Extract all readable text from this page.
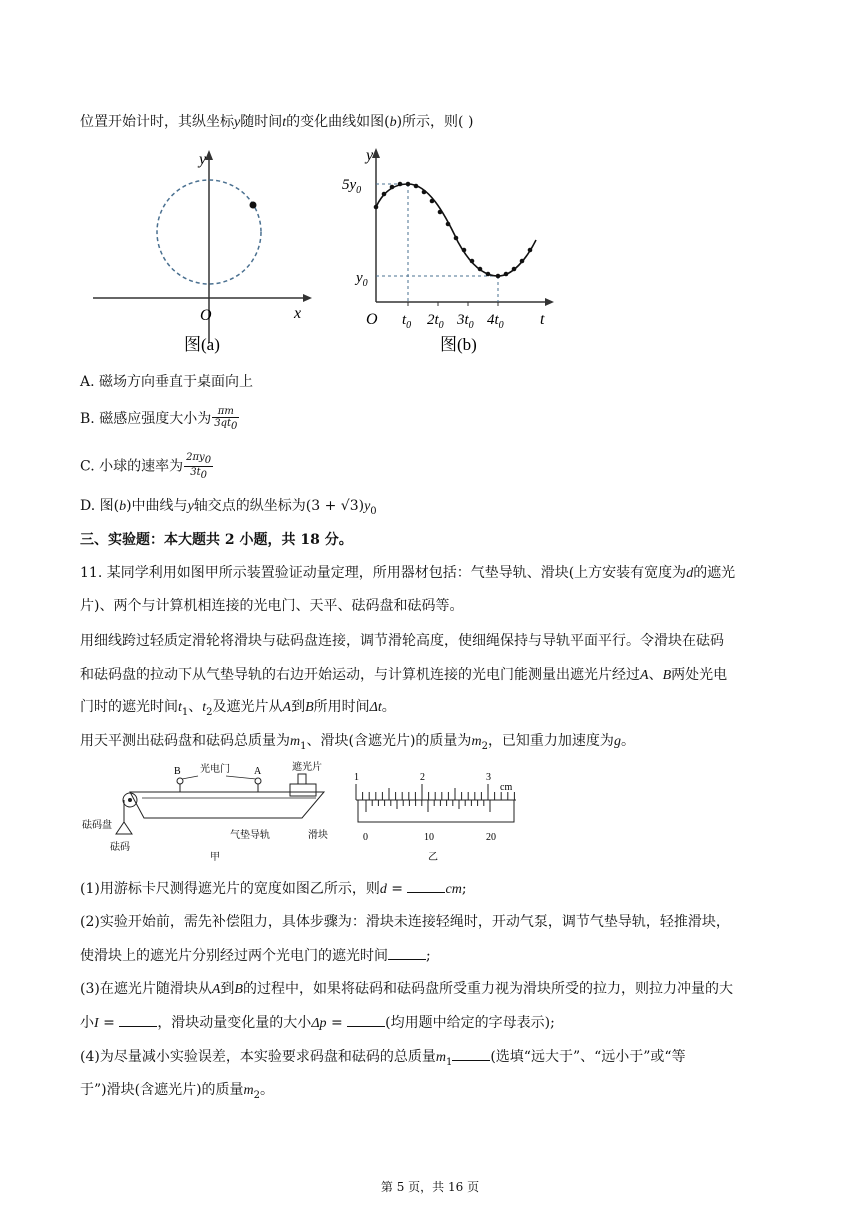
位置开始计时，其纵坐标y随时间t的变化曲线如图(b)所示，则( )
y
x
O
图(a)
y
$5y_0$
$y_0$
O $t_0$ $2t_0$ $3t_0$ $4t_0$ t
图(b)
A. 磁场方向垂直于桌面向上
B. 磁感应强度大小为 $\frac{\pi m}{3qt_0}$
C. 小球的速率为 $\frac{2\pi y_0}{3t_0}$
D. 图(b)中曲线与y轴交点的纵坐标为$(3 + √3)y_0$
三、实验题：本大题共 2 小题，共 18 分。
11. 某同学利用如图甲所示装置验证动量定理，所用器材包括：气垫导轨、滑块(上方安装有宽度为d的遮光
片)、两个与计算机相连接的光电门、天平、砝码盘和砝码等。
用细线跨过轻质定滑轮将滑块与砝码盘连接，调节滑轮高度，使细绳保持与导轨平面平行。令滑块在砝码
和砝码盘的拉动下从气垫导轨的右边开始运动，与计算机连接的光电门能测量出遮光片经过A、B两处光电
门时的遮光时间$t_1$、$t_2$及遮光片从A到B所用时间Δt。
用天平测出砝码盘和砝码总质量为$m_1$、滑块(含遮光片)的质量为$m_2$，已知重力加速度为g。
B 光电门 A	遮光片
砝码盘
砝码
气垫导轨	滑块
甲
1	2	3
cm
0	10	20
乙
(1)用游标卡尺测得遮光片的宽度如图乙所示，则d =	cm;
(2)实验开始前，需先补偿阻力，具体步骤为：滑块未连接轻绳时，开动气泵，调节气垫导轨，轻推滑块，
使滑块上的遮光片分别经过两个光电门的遮光时间	;
(3)在遮光片随滑块从A到B的过程中，如果将砝码和砝码盘所受重力视为滑块所受的拉力，则拉力冲量的大
小I =	，滑块动量变化量的大小Δp =	(均用题中给定的字母表示);
(4)为尽量减小实验误差，本实验要求码盘和砝码的总质量$m_1$	(选填“远大于”、“远小于”或“等
于”)滑块(含遮光片)的质量$m_2$。
第 5 页，共 16 页
